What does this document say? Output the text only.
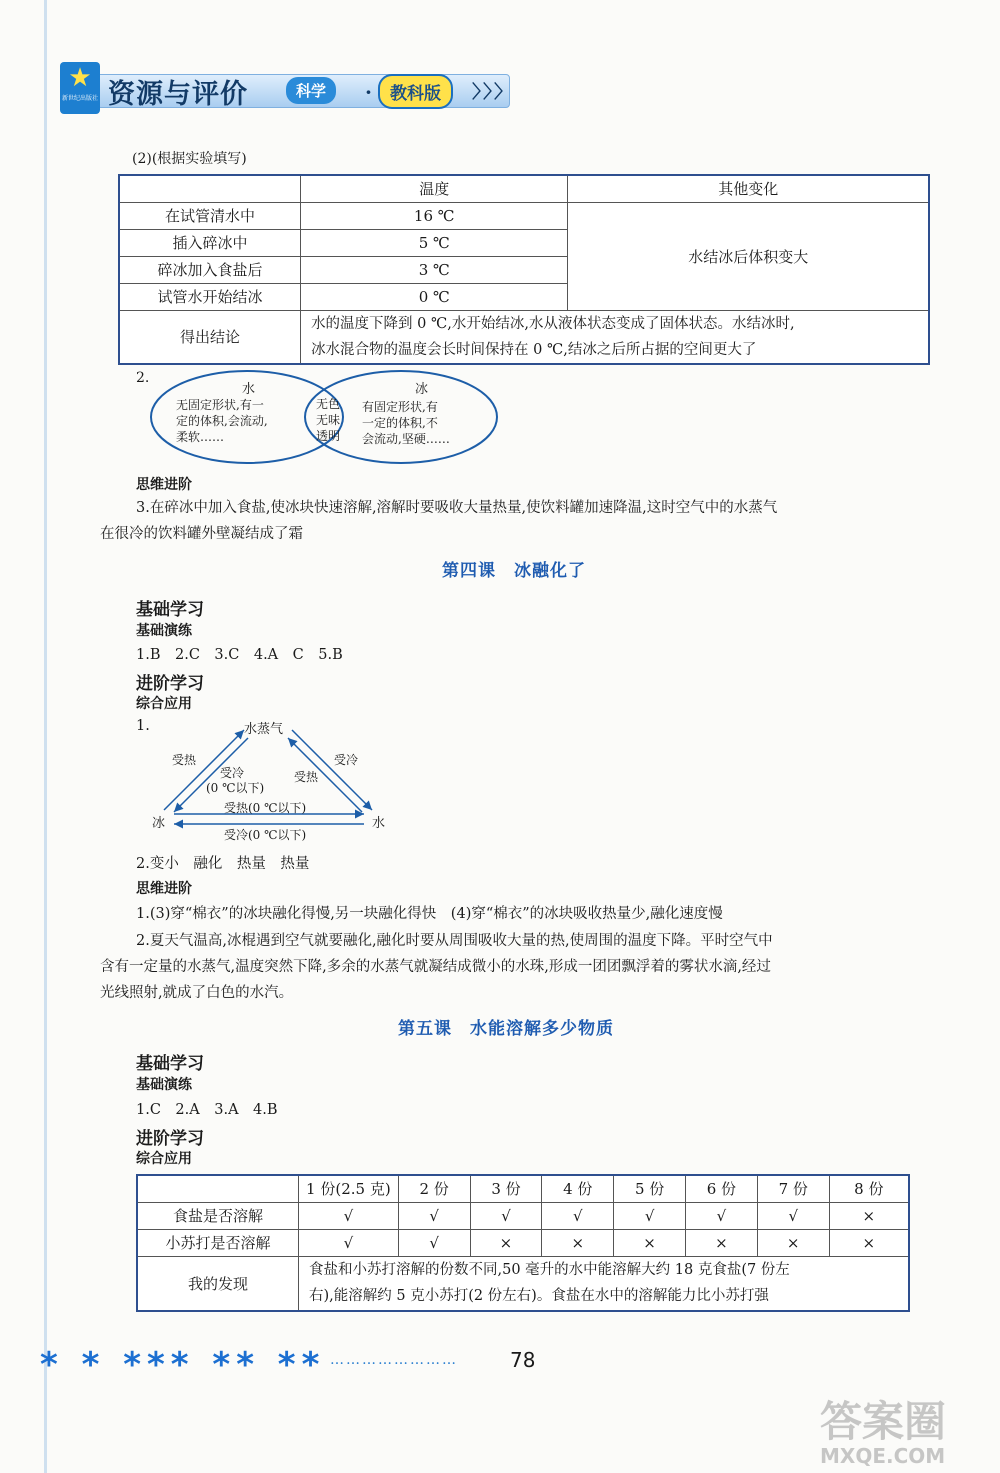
★
新世纪出版社 资源与评价	科学	·	教科版	〉〉〉
(2)(根据实验填写)
	温度	其他变化
在试管清水中	16 ℃	水结冰后体积变大
插入碎冰中	5 ℃	
碎冰加入食盐后	3 ℃	
试管水开始结冰	0 ℃	
得出结论	水的温度下降到 0 ℃,水开始结冰,水从液体状态变成了固体状态。水结冰时,
冰水混合物的温度会长时间保持在 0 ℃,结冰之后所占据的空间更大了	
2.
水
无固定形状,有一
定的体积,会流动,
柔软……
无色
无味
透明
冰
有固定形状,有
一定的体积,不
会流动,坚硬……
思维进阶
3.在碎冰中加入食盐,使冰块快速溶解,溶解时要吸收大量热量,使饮料罐加速降温,这时空气中的水蒸气
在很冷的饮料罐外壁凝结成了霜
第四课　冰融化了
基础学习
基础演练
1.B　2.C　3.C　4.A　C　5.B
进阶学习
综合应用
1.	水蒸气
冰	水
受热
受冷
(0 ℃以下)
受冷
受热
受热(0 ℃以下)
受冷(0 ℃以下)
2.变小　融化　热量　热量
思维进阶
1.(3)穿“棉衣”的冰块融化得慢,另一块融化得快　(4)穿“棉衣”的冰块吸收热量少,融化速度慢
2.夏天气温高,冰棍遇到空气就要融化,融化时要从周围吸收大量的热,使周围的温度下降。平时空气中
含有一定量的水蒸气,温度突然下降,多余的水蒸气就凝结成微小的水珠,形成一团团飘浮着的雾状水滴,经过
光线照射,就成了白色的水汽。
第五课　水能溶解多少物质
基础学习
基础演练
1.C　2.A　3.A　4.B
进阶学习
综合应用
	1 份(2.5 克)	2 份	3 份	4 份	5 份	6 份	7 份	8 份
食盐是否溶解	√	√	√	√	√	√	√	×
小苏打是否溶解	√	√	×	×	×	×	×	×
我的发现	食盐和小苏打溶解的份数不同,50 毫升的水中能溶解大约 18 克食盐(7 份左
右),能溶解约 5 克小苏打(2 份左右)。食盐在水中的溶解能力比小苏打强							
* * *** ** ** ……………………	78
答案圈
MXQE.COM
